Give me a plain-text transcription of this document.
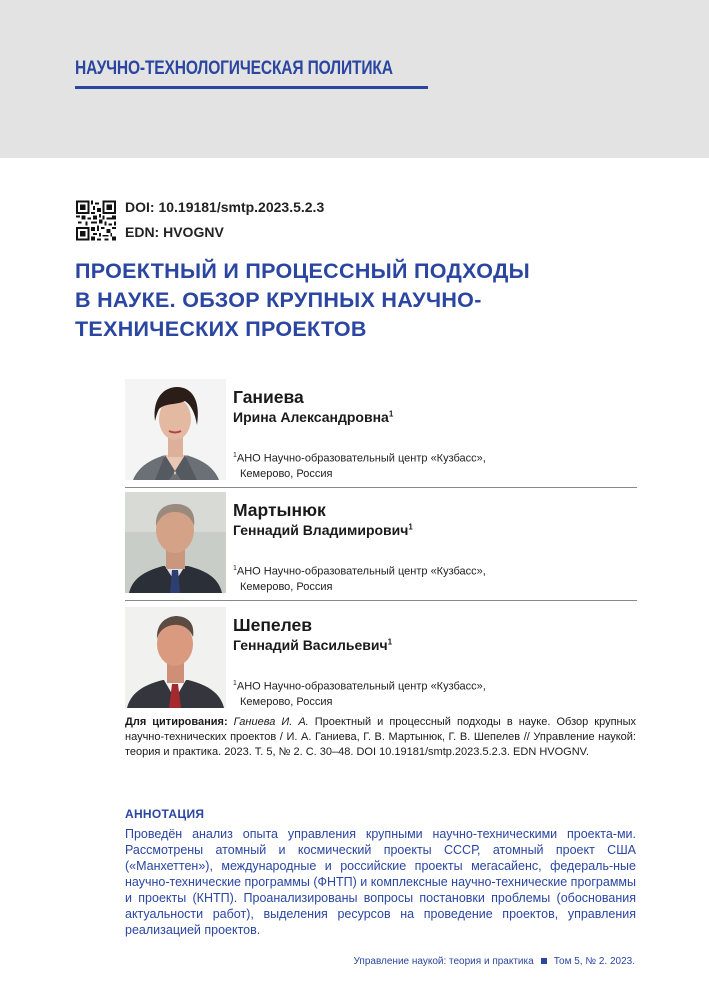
НАУЧНО-ТЕХНОЛОГИЧЕСКАЯ ПОЛИТИКА
DOI: 10.19181/smtp.2023.5.2.3
EDN: HVOGNV
ПРОЕКТНЫЙ И ПРОЦЕССНЫЙ ПОДХОДЫ
В НАУКЕ. ОБЗОР КРУПНЫХ НАУЧНО-
ТЕХНИЧЕСКИХ ПРОЕКТОВ
Ганиева
Ирина Александровна$^1$
$^1$АНО Научно-образовательный центр «Кузбасс»,
Кемерово, Россия
Мартынюк
Геннадий Владимирович$^1$
$^1$АНО Научно-образовательный центр «Кузбасс»,
Кемерово, Россия
Шепелев
Геннадий Васильевич$^1$
$^1$АНО Научно-образовательный центр «Кузбасс»,
Кемерово, Россия
Для цитирования: Ганиева И. А. Проектный и процессный подходы в науке. Обзор крупных научно-технических проектов / И. А. Ганиева, Г. В. Мартынюк, Г. В. Шепелев // Управление наукой: теория и практика. 2023. Т. 5, № 2. С. 30–48. DOI 10.19181/smtp.2023.5.2.3. EDN HVOGNV.
АННОТАЦИЯ
Проведён анализ опыта управления крупными научно-техническими проекта-ми. Рассмотрены атомный и космический проекты СССР, атомный проект США («Манхеттен»), международные и российские проекты мегасайенс, федераль-ные научно-технические программы (ФНТП) и комплексные научно-технические программы и проекты (КНТП). Проанализированы вопросы постановки проблемы (обоснования актуальности работ), выделения ресурсов на проведение проектов, управления реализацией проектов.
Управление наукой: теория и практика Том 5, № 2. 2023.
